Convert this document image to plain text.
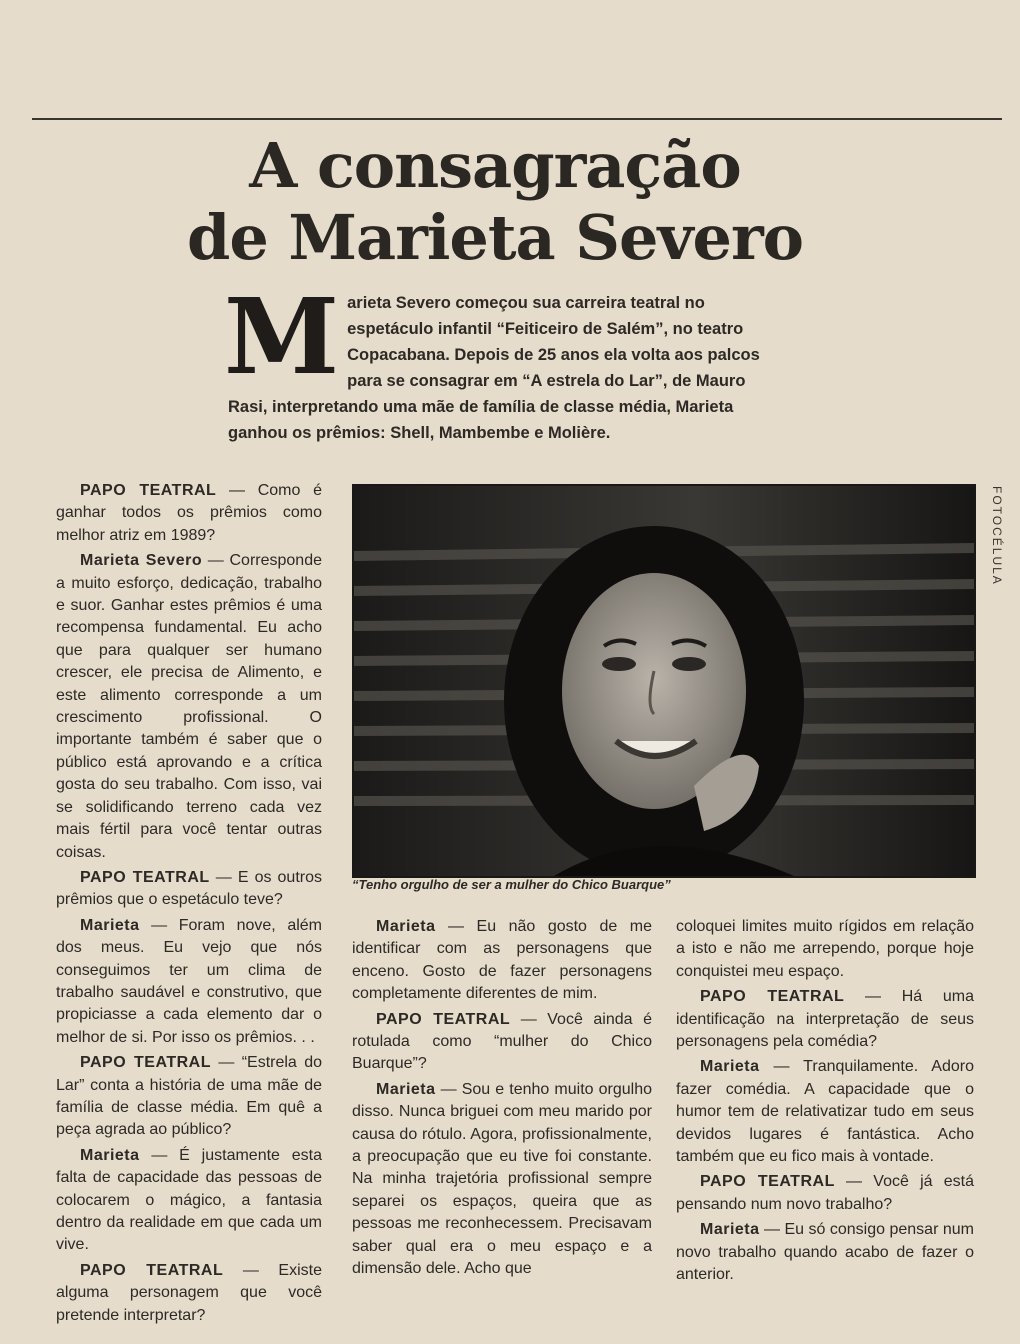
A consagração
de Marieta Severo
M arieta Severo começou sua carreira teatral no espetáculo infantil “Feiticeiro de Salém”, no teatro Copacabana. Depois de 25 anos ela volta aos palcos para se consagrar em “A estrela do Lar”, de Mauro Rasi, interpretando uma mãe de família de classe média, Marieta ganhou os prêmios: Shell, Mambembe e Molière.

PAPO TEATRAL — Como é ganhar todos os prêmios como melhor atriz em 1989?

Marieta Severo — Corresponde a muito esforço, dedicação, trabalho e suor. Ganhar estes prêmios é uma recompensa fundamental. Eu acho que para qualquer ser humano crescer, ele precisa de Alimento, e este alimento corresponde a um crescimento profissional. O importante também é saber que o público está aprovando e a crítica gosta do seu trabalho. Com isso, vai se solidificando terreno cada vez mais fértil para você tentar outras coisas.

PAPO TEATRAL — E os outros prêmios que o espetáculo teve?

Marieta — Foram nove, além dos meus. Eu vejo que nós conseguimos ter um clima de trabalho saudável e construtivo, que propiciasse a cada elemento dar o melhor de si. Por isso os prêmios. . .

PAPO TEATRAL — “Estrela do Lar” conta a história de uma mãe de família de classe média. Em quê a peça agrada ao público?

Marieta — É justamente esta falta de capacidade das pessoas de colocarem o mágico, a fantasia dentro da realidade em que cada um vive.

PAPO TEATRAL — Existe alguma personagem que você pretende interpretar?

FOTOCÉLULA
“Tenho orgulho de ser a mulher do Chico Buarque”

Marieta — Eu não gosto de me identificar com as personagens que enceno. Gosto de fazer personagens completamente diferentes de mim.

PAPO TEATRAL — Você ainda é rotulada como “mulher do Chico Buarque”?

Marieta — Sou e tenho muito orgulho disso. Nunca briguei com meu marido por causa do rótulo. Agora, profissionalmente, a preocupação que eu tive foi constante. Na minha trajetória profissional sempre separei os espaços, queira que as pessoas me reconhecessem. Precisavam saber qual era o meu espaço e a dimensão dele. Acho que

coloquei limites muito rígidos em relação a isto e não me arrependo, porque hoje conquistei meu espaço.

PAPO TEATRAL — Há uma identificação na interpretação de seus personagens pela comédia?

Marieta — Tranquilamente. Adoro fazer comédia. A capacidade que o humor tem de relativatizar tudo em seus devidos lugares é fantástica. Acho também que eu fico mais à vontade.

PAPO TEATRAL — Você já está pensando num novo trabalho?

Marieta — Eu só consigo pensar num novo trabalho quando acabo de fazer o anterior.
